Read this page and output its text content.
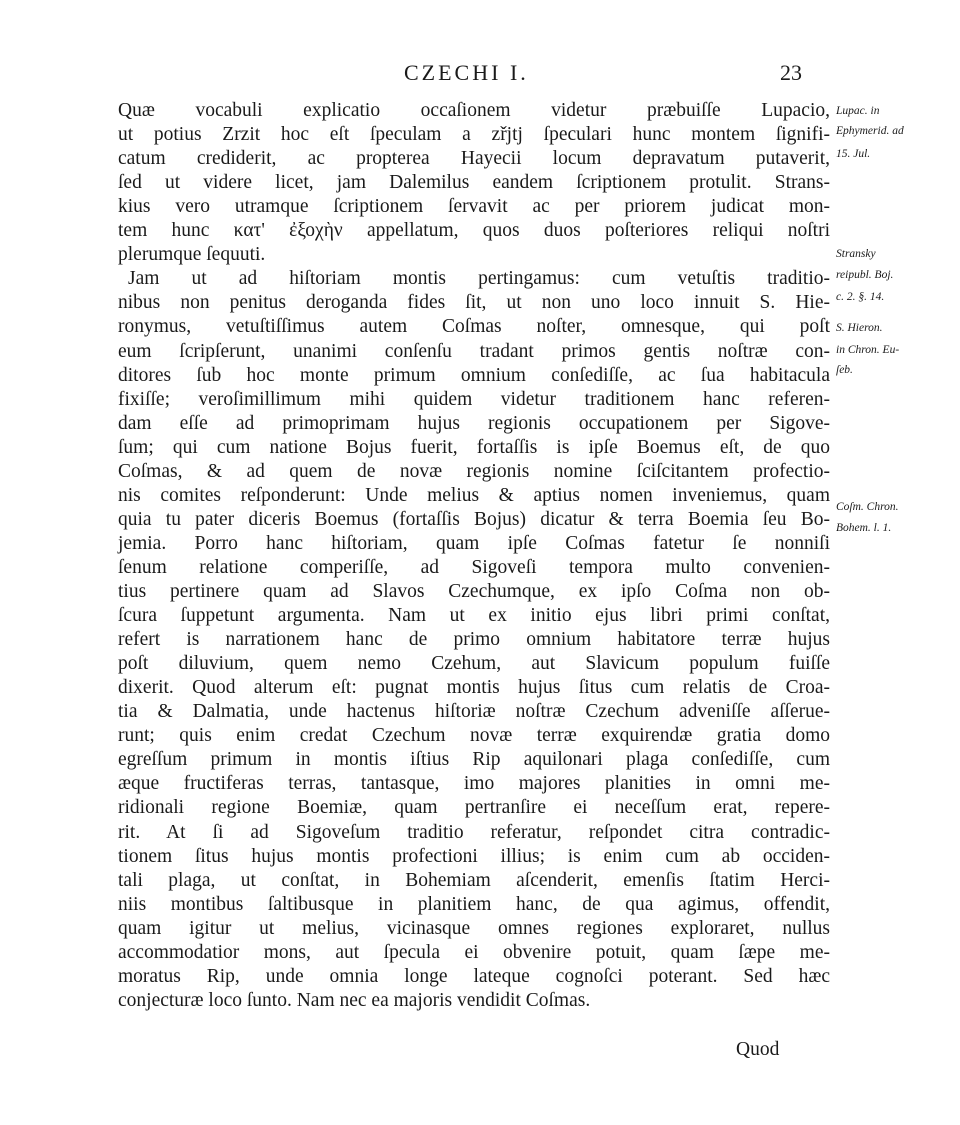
CZECHI I.	23
Quæ vocabuli explicatio occaſionem videtur præbuiſſe Lupacio,
ut potius Zrzit hoc eſt ſpeculam a zřjtj ſpeculari hunc montem ſignifi-
catum crediderit, ac propterea Hayecii locum depravatum putaverit,
ſed ut videre licet, jam Dalemilus eandem ſcriptionem protulit. Strans-
kius vero utramque ſcriptionem ſervavit ac per priorem judicat mon-
tem hunc κατ' ἐξοχὴν appellatum, quos duos poſteriores reliqui noſtri
plerumque ſequuti.
Jam ut ad hiſtoriam montis pertingamus: cum vetuſtis traditio-
nibus non penitus deroganda fides ſit, ut non uno loco innuit S. Hie-
ronymus, vetuſtiſſimus autem Coſmas noſter, omnesque, qui poſt
eum ſcripſerunt, unanimi conſenſu tradant primos gentis noſtræ con-
ditores ſub hoc monte primum omnium conſediſſe, ac ſua habitacula
fixiſſe; veroſimillimum mihi quidem videtur traditionem hanc referen-
dam eſſe ad primoprimam hujus regionis occupationem per Sigove-
ſum; qui cum natione Bojus fuerit, fortaſſis is ipſe Boemus eſt, de quo
Coſmas, & ad quem de novæ regionis nomine ſciſcitantem profectio-
nis comites reſponderunt: Unde melius & aptius nomen inveniemus, quam
quia tu pater diceris Boemus (fortaſſis Bojus) dicatur & terra Boemia ſeu Bo-
jemia. Porro hanc hiſtoriam, quam ipſe Coſmas fatetur ſe nonniſi
ſenum relatione comperiſſe, ad Sigoveſi tempora multo convenien-
tius pertinere quam ad Slavos Czechumque, ex ipſo Coſma non ob-
ſcura ſuppetunt argumenta. Nam ut ex initio ejus libri primi conſtat,
refert is narrationem hanc de primo omnium habitatore terræ hujus
poſt diluvium, quem nemo Czehum, aut Slavicum populum fuiſſe
dixerit. Quod alterum eſt: pugnat montis hujus ſitus cum relatis de Croa-
tia & Dalmatia, unde hactenus hiſtoriæ noſtræ Czechum adveniſſe aſſerue-
runt; quis enim credat Czechum novæ terræ exquirendæ gratia domo
egreſſum primum in montis iſtius Rip aquilonari plaga conſediſſe, cum
æque fructiferas terras, tantasque, imo majores planities in omni me-
ridionali regione Boemiæ, quam pertranſire ei neceſſum erat, repere-
rit. At ſi ad Sigoveſum traditio referatur, reſpondet citra contradic-
tionem ſitus hujus montis profectioni illius; is enim cum ab occiden-
tali plaga, ut conſtat, in Bohemiam aſcenderit, emenſis ſtatim Herci-
niis montibus ſaltibusque in planitiem hanc, de qua agimus, offendit,
quam igitur ut melius, vicinasque omnes regiones exploraret, nullus
accommodatior mons, aut ſpecula ei obvenire potuit, quam ſæpe me-
moratus Rip, unde omnia longe lateque cognoſci poterant. Sed hæc
conjecturæ loco ſunto. Nam nec ea majoris vendidit Coſmas.
Quod
Lupac. in
Ephymerid. ad
15. Jul.
Stransky
reipubl. Boj.
c. 2. §. 14.
S. Hieron.
in Chron. Eu-
ſeb.
Coſm. Chron.
Bohem. l. 1.
